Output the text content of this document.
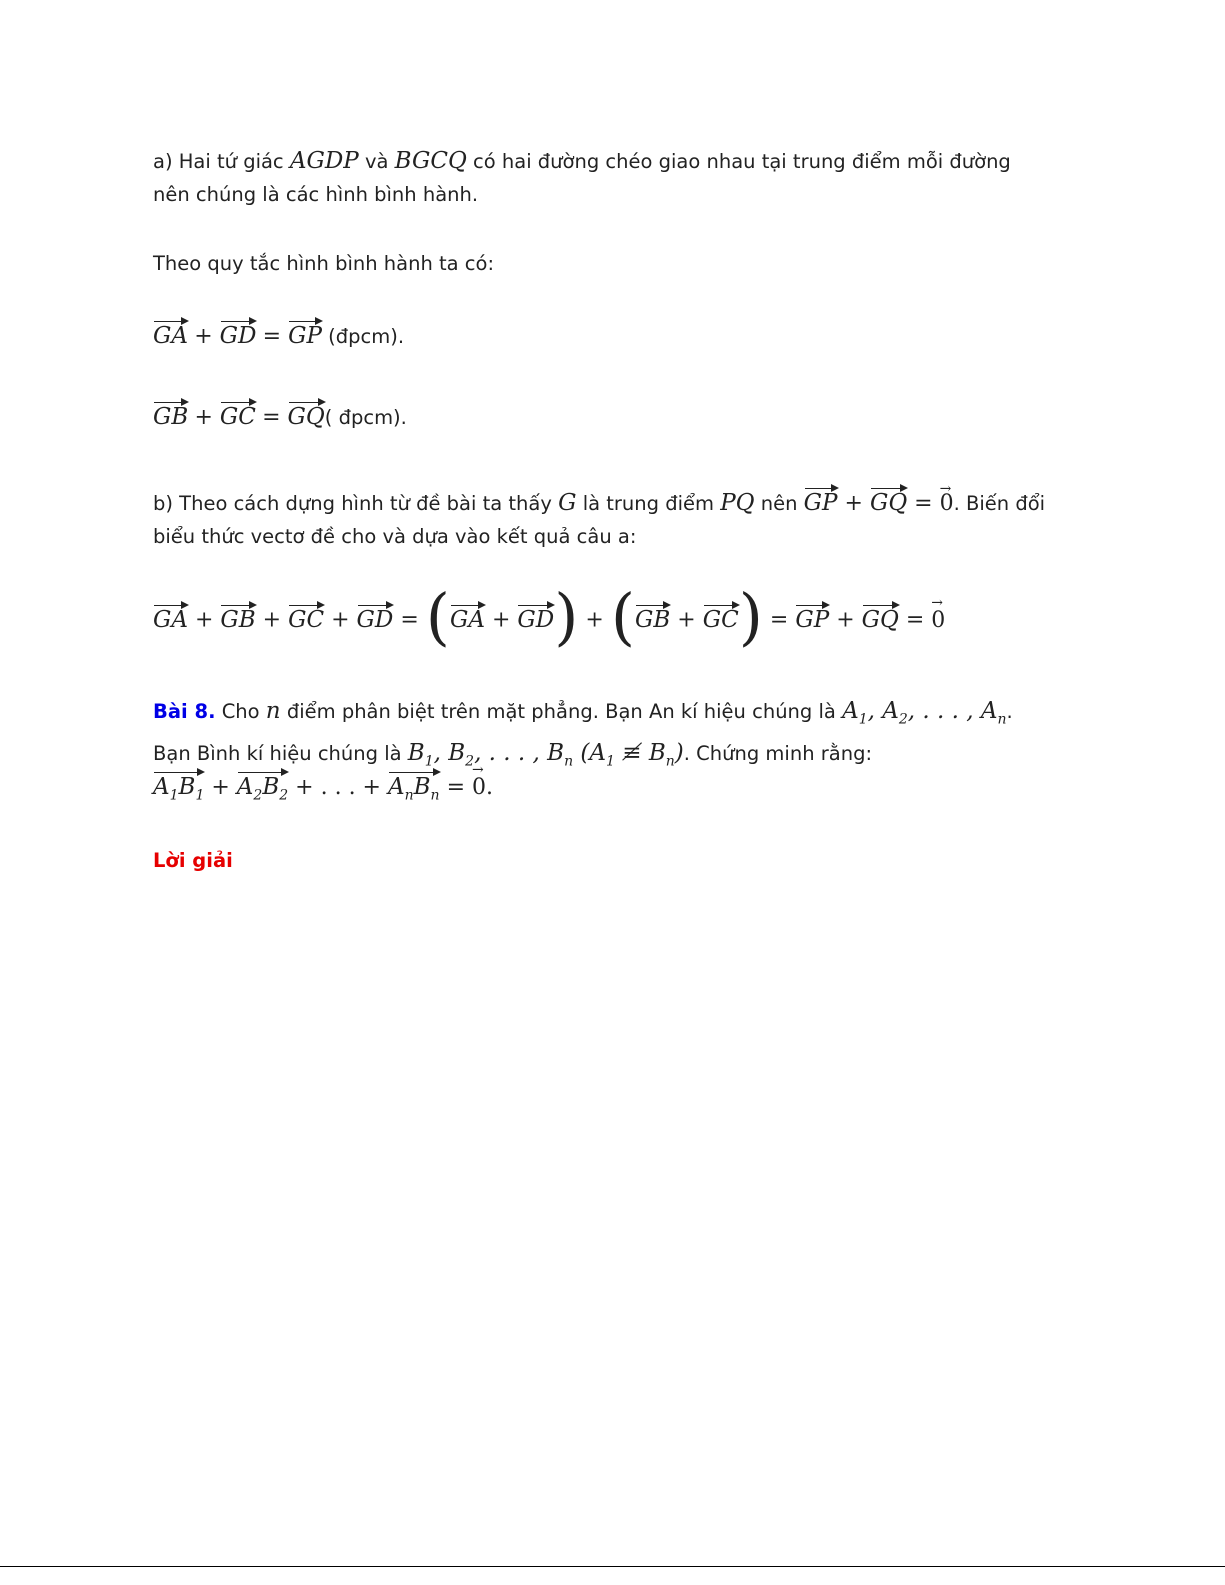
a) Hai tứ giác AGDP và BGCQ có hai đường chéo giao nhau tại trung điểm mỗi đường nên chúng là các hình bình hành.

Theo quy tắc hình bình hành ta có:

GA + GD = GP (đpcm).
GB + GC = GQ( đpcm).

b) Theo cách dựng hình từ đề bài ta thấy G là trung điểm PQ nên GP + GQ = → 0. Biến đổi biểu thức vectơ đề cho và dựa vào kết quả câu a:

GA + GB + GC + GD = (GA + GD) + (GB + GC) = GP + GQ = → 0

Bài 8. Cho n điểm phân biệt trên mặt phẳng. Bạn An kí hiệu chúng là $A_1$, $A_2$, . . . , $A_n$. Bạn Bình kí hiệu chúng là $B_1$, $B_2$, . . . , $B_n$ ($A_1$ ≢ $B_n$). Chứng minh rằng:

$A_1B_1 + A_2B_2$ + . . . + $A_nB_n$ = → 0.

Lời giải
